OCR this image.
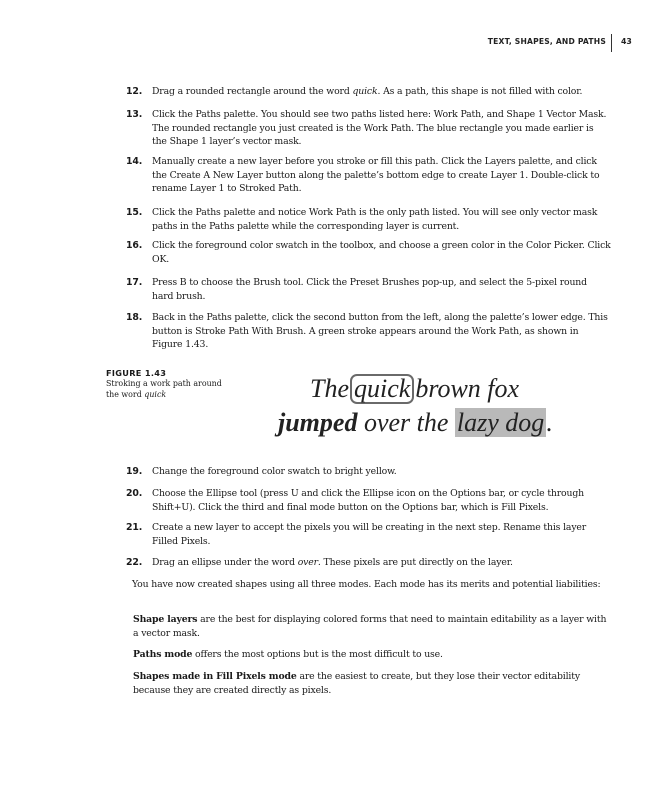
TEXT, SHAPES, AND PATHS 43
12. Drag a rounded rectangle around the word quick. As a path, this shape is not filled with color.
13. Click the Paths palette. You should see two paths listed here: Work Path, and Shape 1 Vector Mask. The rounded rectangle you just created is the Work Path. The blue rectangle you made earlier is the Shape 1 layer’s vector mask.
14. Manually create a new layer before you stroke or fill this path. Click the Layers palette, and click the Create A New Layer button along the palette’s bottom edge to create Layer 1. Double-click to rename Layer 1 to Stroked Path.
15. Click the Paths palette and notice Work Path is the only path listed. You will see only vector mask paths in the Paths palette while the corresponding layer is current.
16. Click the foreground color swatch in the toolbox, and choose a green color in the Color Picker. Click OK.
17. Press B to choose the Brush tool. Click the Preset Brushes pop-up, and select the 5-pixel round hard brush.
18. Back in the Paths palette, click the second button from the left, along the palette’s lower edge. This button is Stroke Path With Brush. A green stroke appears around the Work Path, as shown in Figure 1.43.
FIGURE 1.43
Stroking a work path around the word quick	The quick brown fox
jumped over the lazy dog.
19. Change the foreground color swatch to bright yellow.
20. Choose the Ellipse tool (press U and click the Ellipse icon on the Options bar, or cycle through Shift+U). Click the third and final mode button on the Options bar, which is Fill Pixels.
21. Create a new layer to accept the pixels you will be creating in the next step. Rename this layer Filled Pixels.
22. Drag an ellipse under the word over. These pixels are put directly on the layer.
You have now created shapes using all three modes. Each mode has its merits and potential liabilities:
Shape layers are the best for displaying colored forms that need to maintain editability as a layer with a vector mask.
Paths mode offers the most options but is the most difficult to use.
Shapes made in Fill Pixels mode are the easiest to create, but they lose their vector editability because they are created directly as pixels.
